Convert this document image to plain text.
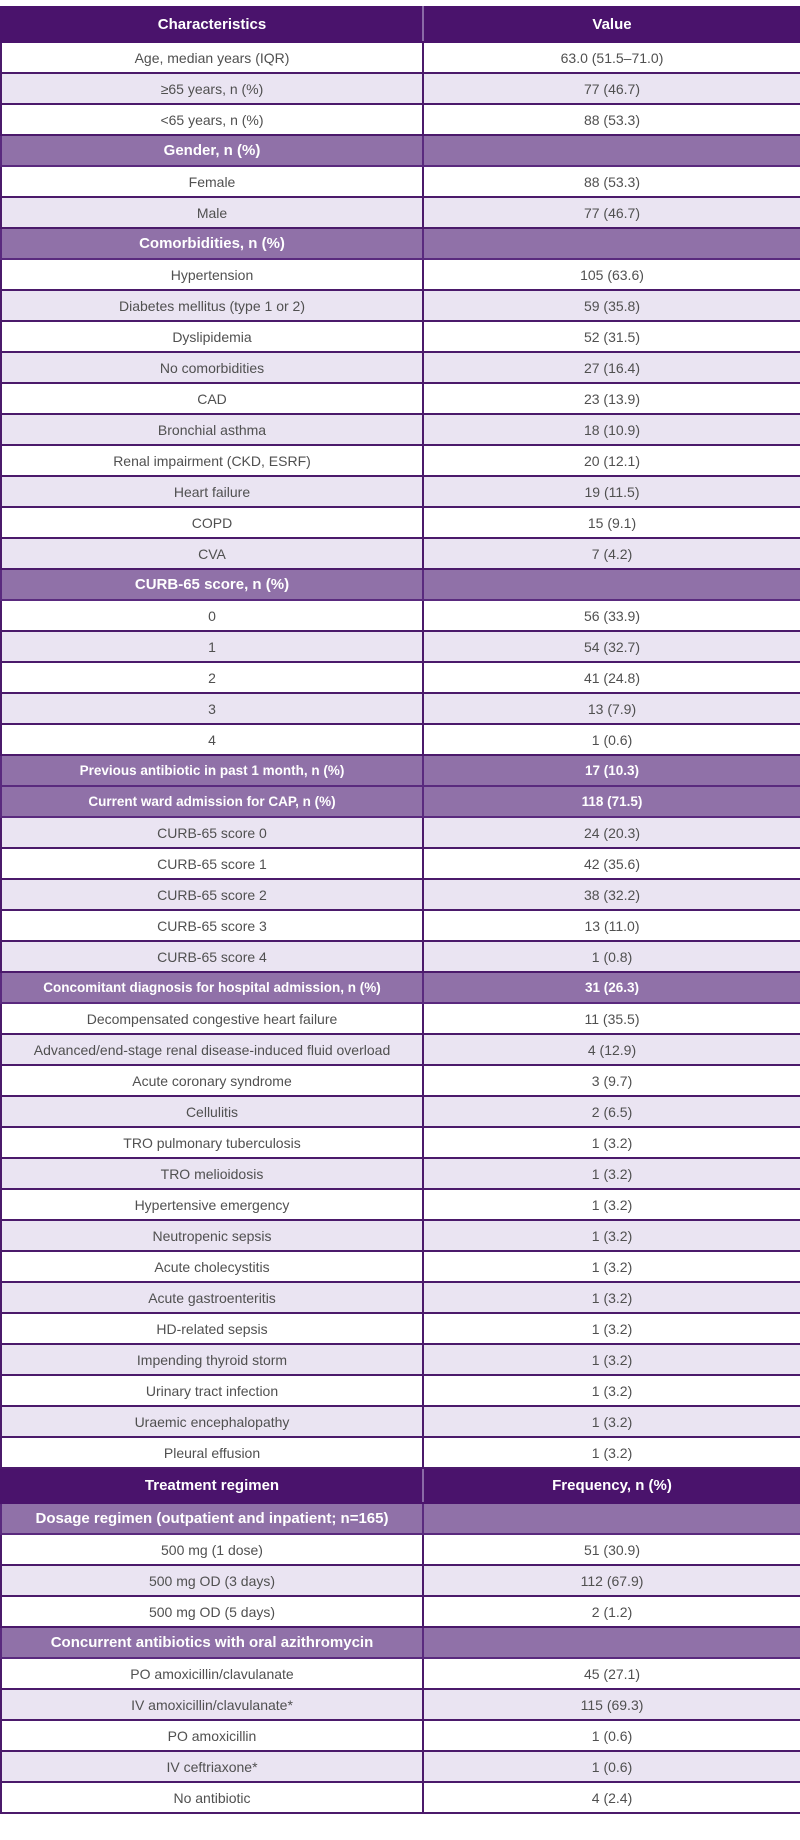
Characteristics	Value
Age, median years (IQR)	63.0 (51.5–71.0)
≥65 years, n (%)	77 (46.7)
<65 years, n (%)	88 (53.3)
Gender, n (%)	
Female	88 (53.3)
Male	77 (46.7)
Comorbidities, n (%)	
Hypertension	105 (63.6)
Diabetes mellitus (type 1 or 2)	59 (35.8)
Dyslipidemia	52 (31.5)
No comorbidities	27 (16.4)
CAD	23 (13.9)
Bronchial asthma	18 (10.9)
Renal impairment (CKD, ESRF)	20 (12.1)
Heart failure	19 (11.5)
COPD	15 (9.1)
CVA	7 (4.2)
CURB-65 score, n (%)	
0	56 (33.9)
1	54 (32.7)
2	41 (24.8)
3	13 (7.9)
4	1 (0.6)
Previous antibiotic in past 1 month, n (%)	17 (10.3)
Current ward admission for CAP, n (%)	118 (71.5)
CURB-65 score 0	24 (20.3)
CURB-65 score 1	42 (35.6)
CURB-65 score 2	38 (32.2)
CURB-65 score 3	13 (11.0)
CURB-65 score 4	1 (0.8)
Concomitant diagnosis for hospital admission, n (%)	31 (26.3)
Decompensated congestive heart failure	11 (35.5)
Advanced/end-stage renal disease-induced fluid overload	4 (12.9)
Acute coronary syndrome	3 (9.7)
Cellulitis	2 (6.5)
TRO pulmonary tuberculosis	1 (3.2)
TRO melioidosis	1 (3.2)
Hypertensive emergency	1 (3.2)
Neutropenic sepsis	1 (3.2)
Acute cholecystitis	1 (3.2)
Acute gastroenteritis	1 (3.2)
HD-related sepsis	1 (3.2)
Impending thyroid storm	1 (3.2)
Urinary tract infection	1 (3.2)
Uraemic encephalopathy	1 (3.2)
Pleural effusion	1 (3.2)
Treatment regimen	Frequency, n (%)
Dosage regimen (outpatient and inpatient; n=165)	
500 mg (1 dose)	51 (30.9)
500 mg OD (3 days)	112 (67.9)
500 mg OD (5 days)	2 (1.2)
Concurrent antibiotics with oral azithromycin	
PO amoxicillin/clavulanate	45 (27.1)
IV amoxicillin/clavulanate*	115 (69.3)
PO amoxicillin	1 (0.6)
IV ceftriaxone*	1 (0.6)
No antibiotic	4 (2.4)
